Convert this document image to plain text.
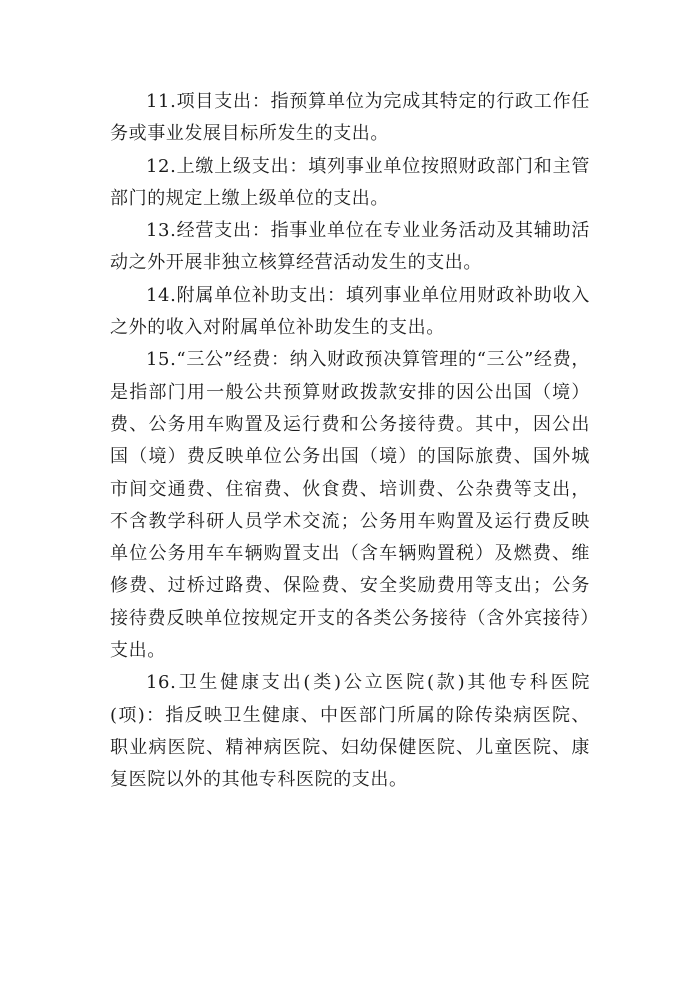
11.项目支出：指预算单位为完成其特定的行政工作任务或事业发展目标所发生的支出。

12.上缴上级支出：填列事业单位按照财政部门和主管部门的规定上缴上级单位的支出。

13.经营支出：指事业单位在专业业务活动及其辅助活动之外开展非独立核算经营活动发生的支出。

14.附属单位补助支出：填列事业单位用财政补助收入之外的收入对附属单位补助发生的支出。

15.“三公”经费：纳入财政预决算管理的“三公”经费，是指部门用一般公共预算财政拨款安排的因公出国（境）费、公务用车购置及运行费和公务接待费。其中，因公出国（境）费反映单位公务出国（境）的国际旅费、国外城市间交通费、住宿费、伙食费、培训费、公杂费等支出，不含教学科研人员学术交流；公务用车购置及运行费反映单位公务用车车辆购置支出（含车辆购置税）及燃费、维修费、过桥过路费、保险费、安全奖励费用等支出；公务接待费反映单位按规定开支的各类公务接待（含外宾接待）支出。

16.卫生健康支出(类)公立医院(款)其他专科医院(项)：指反映卫生健康、中医部门所属的除传染病医院、职业病医院、精神病医院、妇幼保健医院、儿童医院、康复医院以外的其他专科医院的支出。
